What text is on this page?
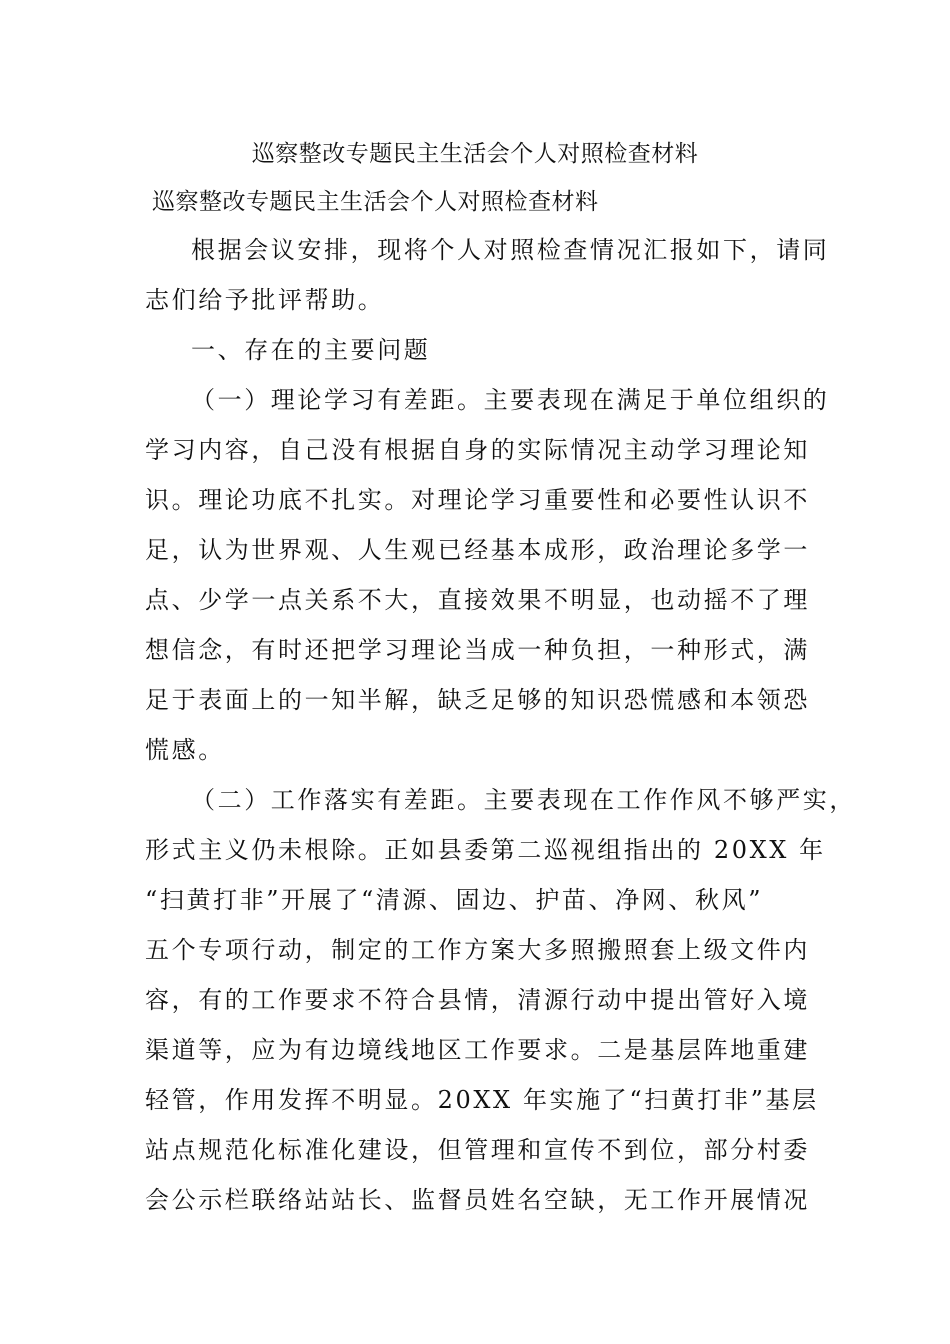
巡察整改专题民主生活会个人对照检查材料
巡察整改专题民主生活会个人对照检查材料

根据会议安排，现将个人对照检查情况汇报如下，请同

志们给予批评帮助。

一、存在的主要问题

（一）理论学习有差距。主要表现在满足于单位组织的

学习内容，自己没有根据自身的实际情况主动学习理论知

识。理论功底不扎实。对理论学习重要性和必要性认识不

足，认为世界观、人生观已经基本成形，政治理论多学一

点、少学一点关系不大，直接效果不明显，也动摇不了理

想信念，有时还把学习理论当成一种负担，一种形式，满

足于表面上的一知半解，缺乏足够的知识恐慌感和本领恐

慌感。

（二）工作落实有差距。主要表现在工作作风不够严实，

形式主义仍未根除。正如县委第二巡视组指出的 20XX 年

“扫黄打非”开展了“清源、固边、护苗、净网、秋风”

五个专项行动，制定的工作方案大多照搬照套上级文件内

容，有的工作要求不符合县情，清源行动中提出管好入境

渠道等，应为有边境线地区工作要求。二是基层阵地重建

轻管，作用发挥不明显。20XX 年实施了“扫黄打非”基层

站点规范化标准化建设，但管理和宣传不到位，部分村委

会公示栏联络站站长、监督员姓名空缺，无工作开展情况
